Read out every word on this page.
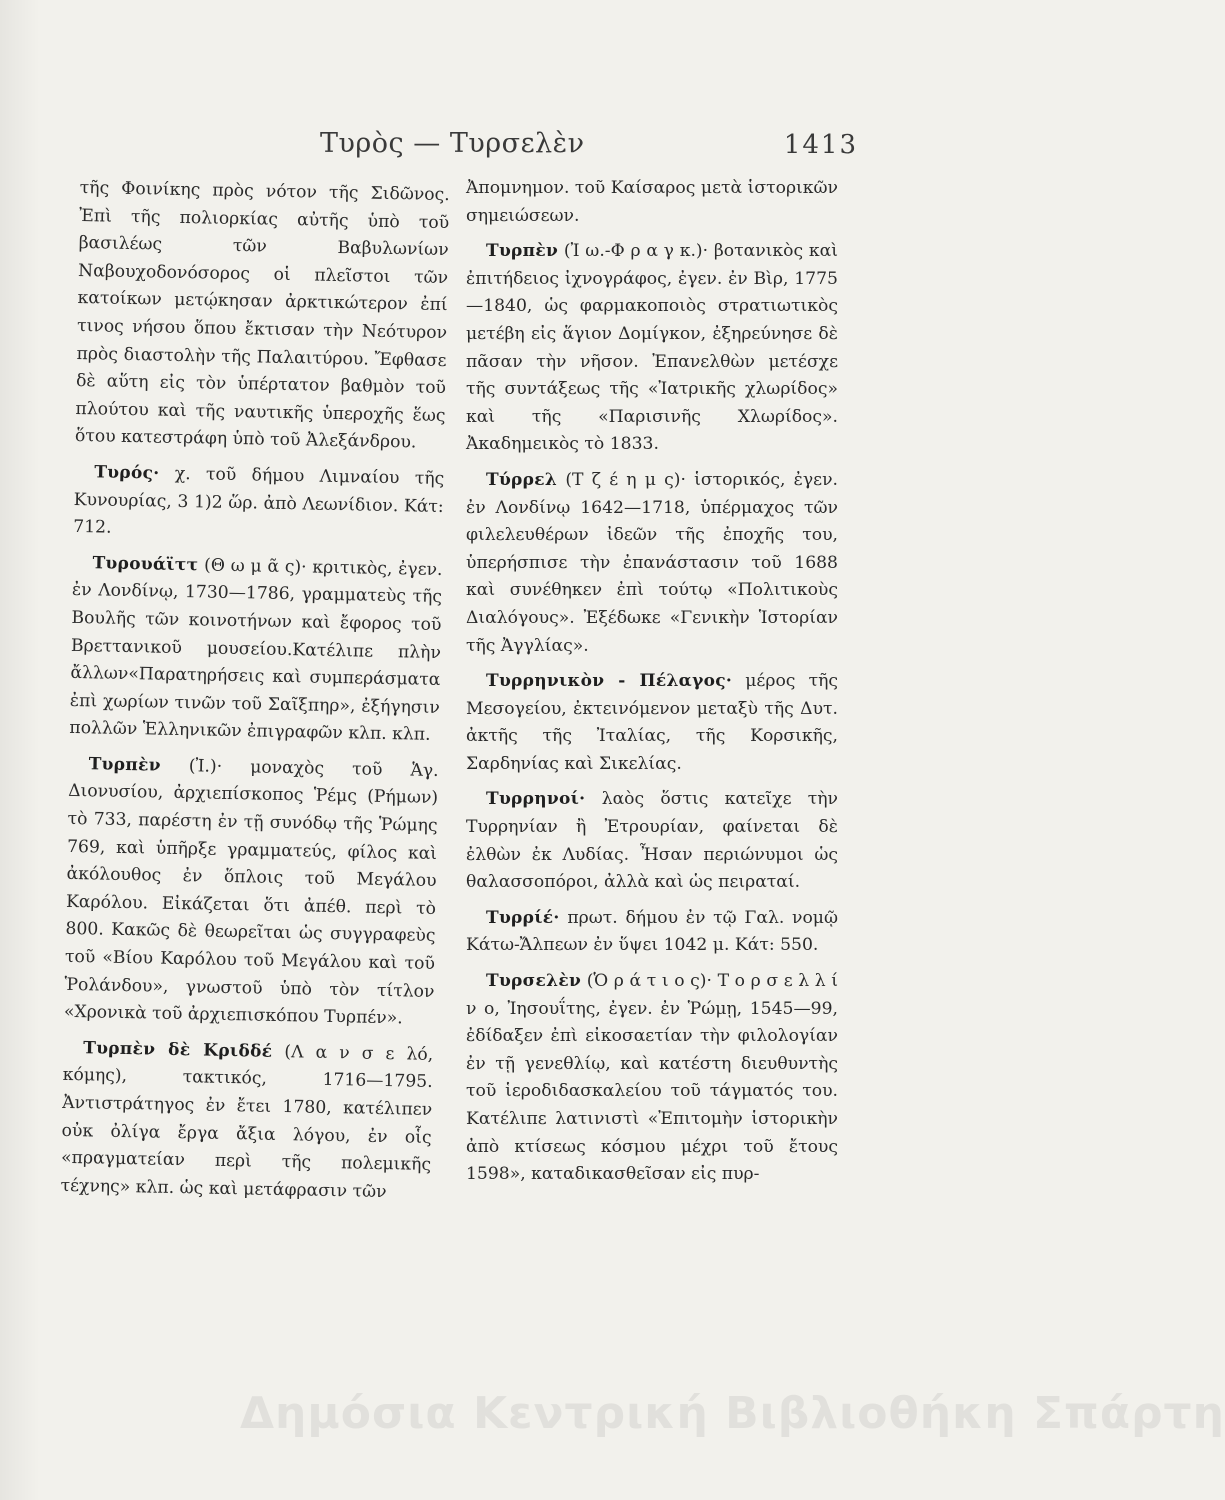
Τυρὸς — Τυρσελὲν	1413

τῆς Φοινίκης πρὸς νότον τῆς Σιδῶνος. Ἐπὶ τῆς πολιορκίας αὐτῆς ὑπὸ τοῦ βασιλέως τῶν Βαβυλωνίων Ναβουχοδονόσορος οἱ πλεῖστοι τῶν κατοίκων μετῴκησαν ἀρκτικώτερον ἐπί τινος νήσου ὅπου ἔκτισαν τὴν Νεότυρον πρὸς διαστολὴν τῆς Παλαιτύρου. Ἔφθασε δὲ αὕτη εἰς τὸν ὑπέρτατον βαθμὸν τοῦ πλούτου καὶ τῆς ναυτικῆς ὑπεροχῆς ἕως ὅτου κατεστράφη ὑπὸ τοῦ Ἀλεξάνδρου.

Τυρός· χ. τοῦ δήμου Λιμναίου τῆς Κυνουρίας, 3 1)2 ὥρ. ἀπὸ Λεωνίδιον. Κάτ: 712.

Τυρουάϊττ (Θ ω μ ᾶ ς)· κριτικὸς, ἐγεν. ἐν Λονδίνῳ, 1730—1786, γραμματεὺς τῆς Βουλῆς τῶν κοινοτήνων καὶ ἔφορος τοῦ Βρεττανικοῦ μουσείου.Κατέλιπε πλὴν ἄλλων«Παρατηρήσεις καὶ συμπεράσματα ἐπὶ χωρίων τινῶν τοῦ Σαῖξπηρ», ἐξήγησιν πολλῶν Ἑλληνικῶν ἐπιγραφῶν κλπ. κλπ.

Τυρπὲν (Ἰ.)· μοναχὸς τοῦ Ἁγ. Διονυσίου, ἀρχιεπίσκοπος Ῥέμς (Ρήμων) τὸ 733, παρέστη ἐν τῇ συνόδῳ τῆς Ῥώμης 769, καὶ ὑπῆρξε γραμματεύς, φίλος καὶ ἀκόλουθος ἐν ὅπλοις τοῦ Μεγάλου Καρόλου. Εἰκάζεται ὅτι ἀπέθ. περὶ τὸ 800. Κακῶς δὲ θεωρεῖται ὡς συγγραφεὺς τοῦ «Βίου Καρόλου τοῦ Μεγάλου καὶ τοῦ Ῥολάνδου», γνωστοῦ ὑπὸ τὸν τίτλον «Χρονικὰ τοῦ ἀρχιεπισκόπου Τυρπέν».

Τυρπὲν δὲ Κριδδέ (Λ α ν σ ε λό, κόμης), τακτικός, 1716—1795. Ἀντιστράτηγος ἐν ἔτει 1780, κατέλιπεν οὐκ ὀλίγα ἔργα ἄξια λόγου, ἐν οἷς «πραγματείαν περὶ τῆς πολεμικῆς τέχνης» κλπ. ὡς καὶ μετάφρασιν τῶν

Ἀπομνημον. τοῦ Καίσαρος μετὰ ἱστορικῶν σημειώσεων.

Τυρπὲν (Ἰ ω.-Φ ρ α γ κ.)· βοτανικὸς καὶ ἐπιτήδειος ἰχνογράφος, ἐγεν. ἐν Βὶρ, 1775—1840, ὡς φαρμακοποιὸς στρατιωτικὸς μετέβη εἰς ἅγιον Δομίγκον, ἐξηρεύνησε δὲ πᾶσαν τὴν νῆσον. Ἐπανελθὼν μετέσχε τῆς συντάξεως τῆς «Ἰατρικῆς χλωρίδος» καὶ τῆς «Παρισινῆς Χλωρίδος». Ἀκαδημεικὸς τὸ 1833.

Τύρρελ (Τ ζ έ η μ ς)· ἱστορικός, ἐγεν. ἐν Λονδίνῳ 1642—1718, ὑπέρμαχος τῶν φιλελευθέρων ἰδεῶν τῆς ἐποχῆς του, ὑπερήσπισε τὴν ἐπανάστασιν τοῦ 1688 καὶ συνέθηκεν ἐπὶ τούτῳ «Πολιτικοὺς Διαλόγους». Ἐξέδωκε «Γενικὴν Ἱστορίαν τῆς Ἀγγλίας».

Τυρρηνικὸν - Πέλαγος· μέρος τῆς Μεσογείου, ἐκτεινόμενον μεταξὺ τῆς Δυτ. ἀκτῆς τῆς Ἰταλίας, τῆς Κορσικῆς, Σαρδηνίας καὶ Σικελίας.

Τυρρηνοί· λαὸς ὅστις κατεῖχε τὴν Τυρρηνίαν ἢ Ἐτρουρίαν, φαίνεται δὲ ἐλθὼν ἐκ Λυδίας. Ἦσαν περιώνυμοι ὡς θαλασσοπόροι, ἀλλὰ καὶ ὡς πειραταί.

Τυρρίέ· πρωτ. δήμου ἐν τῷ Γαλ. νομῷ Κάτω-Ἄλπεων ἐν ὕψει 1042 μ. Κάτ: 550.

Τυρσελὲν (Ὁ ρ ά τ ι ο ς)· Τ ο ρ σ ε λ λ ί ν ο, Ἰησουΐτης, ἐγεν. ἐν Ῥώμῃ, 1545—99, ἐδίδαξεν ἐπὶ εἰκοσαετίαν τὴν φιλολογίαν ἐν τῇ γενεθλίῳ, καὶ κατέστη διευθυντὴς τοῦ ἱεροδιδασκαλείου τοῦ τάγματός του. Κατέλιπε λατινιστὶ «Ἐπιτομὴν ἱστορικὴν ἀπὸ κτίσεως κόσμου μέχρι τοῦ ἔτους 1598», καταδικασθεῖσαν εἰς πυρ-

Δημόσια Κεντρική Βιβλιοθήκη Σπάρτη
